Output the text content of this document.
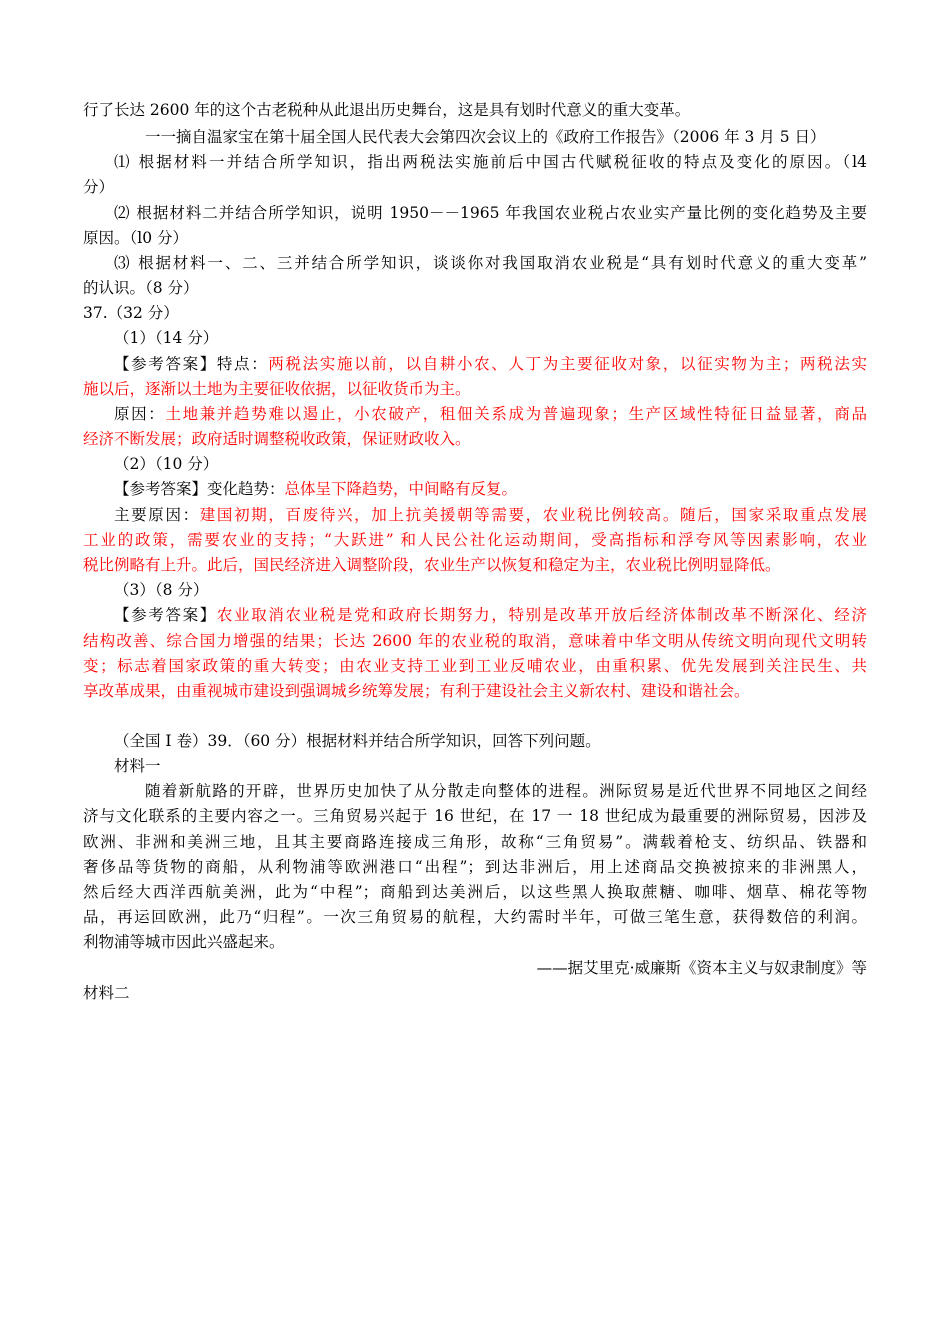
行了长达 2600 年的这个古老税种从此退出历史舞台，这是具有划时代意义的重大变革。
一一摘自温家宝在第十届全国人民代表大会第四次会议上的《政府工作报告》（2006 年 3 月 5 日）
⑴ 根据材料一并结合所学知识，指出两税法实施前后中国古代赋税征收的特点及变化的原因。（l4
分）
⑵ 根据材料二并结合所学知识，说明 1950－－1965 年我国农业税占农业实产量比例的变化趋势及主要
原因。（l0 分）
⑶ 根据材料一、二、三并结合所学知识，谈谈你对我国取消农业税是“具有划时代意义的重大变革”
的认识。（8 分）
37.（32 分）
（1）（14 分）
【参考答案】特点：两税法实施以前，以自耕小农、人丁为主要征收对象，以征实物为主；两税法实
施以后，逐渐以土地为主要征收依据，以征收货币为主。
原因：土地兼并趋势难以遏止，小农破产，租佃关系成为普遍现象；生产区域性特征日益显著，商品
经济不断发展；政府适时调整税收政策，保证财政收入。
（2）（10 分）
【参考答案】变化趋势：总体呈下降趋势，中间略有反复。
主要原因：建国初期，百废待兴，加上抗美援朝等需要，农业税比例较高。随后，国家采取重点发展
工业的政策，需要农业的支持；“大跃进” 和人民公社化运动期间，受高指标和浮夸风等因素影响，农业
税比例略有上升。此后，国民经济进入调整阶段，农业生产以恢复和稳定为主，农业税比例明显降低。
（3）（8 分）
【参考答案】农业取消农业税是党和政府长期努力，特别是改革开放后经济体制改革不断深化、经济
结构改善、综合国力增强的结果；长达 2600 年的农业税的取消，意味着中华文明从传统文明向现代文明转
变；标志着国家政策的重大转变；由农业支持工业到工业反哺农业，由重积累、优先发展到关注民生、共
享改革成果，由重视城市建设到强调城乡统筹发展；有利于建设社会主义新农村、建设和谐社会。
（全国 I 卷）39．（60 分）根据材料并结合所学知识，回答下列问题。
材料一
随着新航路的开辟，世界历史加快了从分散走向整体的进程。洲际贸易是近代世界不同地区之间经
济与文化联系的主要内容之一。三角贸易兴起于 16 世纪，在 17 一 18 世纪成为最重要的洲际贸易，因涉及
欧洲、非洲和美洲三地，且其主要商路连接成三角形，故称“三角贸易”。满载着枪支、纺织品、铁器和
奢侈品等货物的商船，从利物浦等欧洲港口“出程”；到达非洲后，用上述商品交换被掠来的非洲黑人，
然后经大西洋西航美洲，此为“中程”；商船到达美洲后，以这些黑人换取蔗糖、咖啡、烟草、棉花等物
品，再运回欧洲，此乃“归程”。一次三角贸易的航程，大约需时半年，可做三笔生意，获得数倍的利润。
利物浦等城市因此兴盛起来。
——据艾里克·威廉斯《资本主义与奴隶制度》等
材料二
